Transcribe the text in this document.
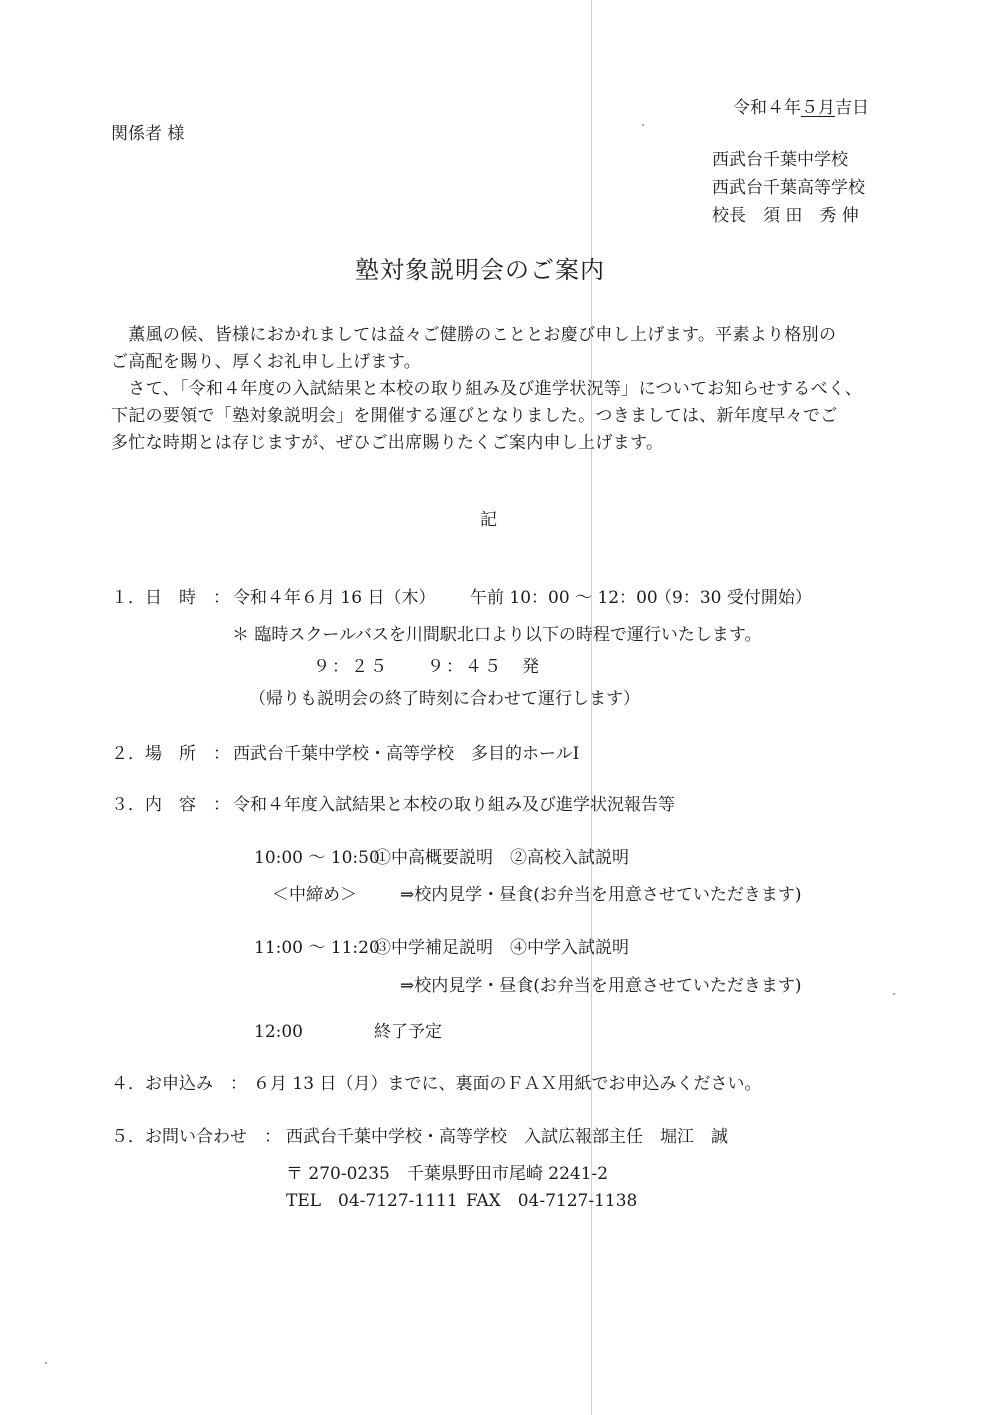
令和４年５月吉日
関係者 様
西武台千葉中学校
西武台千葉高等学校
校長　須 田　秀 伸
塾対象説明会のご案内
　薫風の候、皆様におかれましては益々ご健勝のこととお慶び申し上げます。平素より格別の
ご高配を賜り、厚くお礼申し上げます。
　さて、「令和４年度の入試結果と本校の取り組み及び進学状況等」についてお知らせするべく、
下記の要領で「塾対象説明会」を開催する運びとなりました。つきましては、新年度早々でご
多忙な時期とは存じますが、ぜひご出席賜りたくご案内申し上げます。
記
１．日　時　： 令和４年６月 16 日（木） 午前 10：00 ～ 12：00
（9：30 受付開始）
＊ 臨時スクールバスを川間駅北口より以下の時程で運行いたします。
９：２５　　９：４５　発
（帰りも説明会の終了時刻に合わせて運行します）
２．場　所　： 西武台千葉中学校・高等学校　多目的ホールⅠ
３．内　容　： 令和４年度入試結果と本校の取り組み及び進学状況報告等
10:00 ～ 10:50
①中高概要説明　②高校入試説明
＜中締め＞	⇒校内見学・昼食(お弁当を用意させていただきます)
11:00 ～ 11:20
③中学補足説明　④中学入試説明
⇒校内見学・昼食(お弁当を用意させていただきます)
12:00	終了予定
４．お申込み　： ６月 13 日（月）までに、裏面のＦＡＸ用紙でお申込みください。
５．お問い合わせ　： 西武台千葉中学校・高等学校　入試広報部主任　堀江　誠
〒 270-0235　千葉県野田市尾崎 2241-2
TEL　04-7127-1111 FAX　04-7127-1138
